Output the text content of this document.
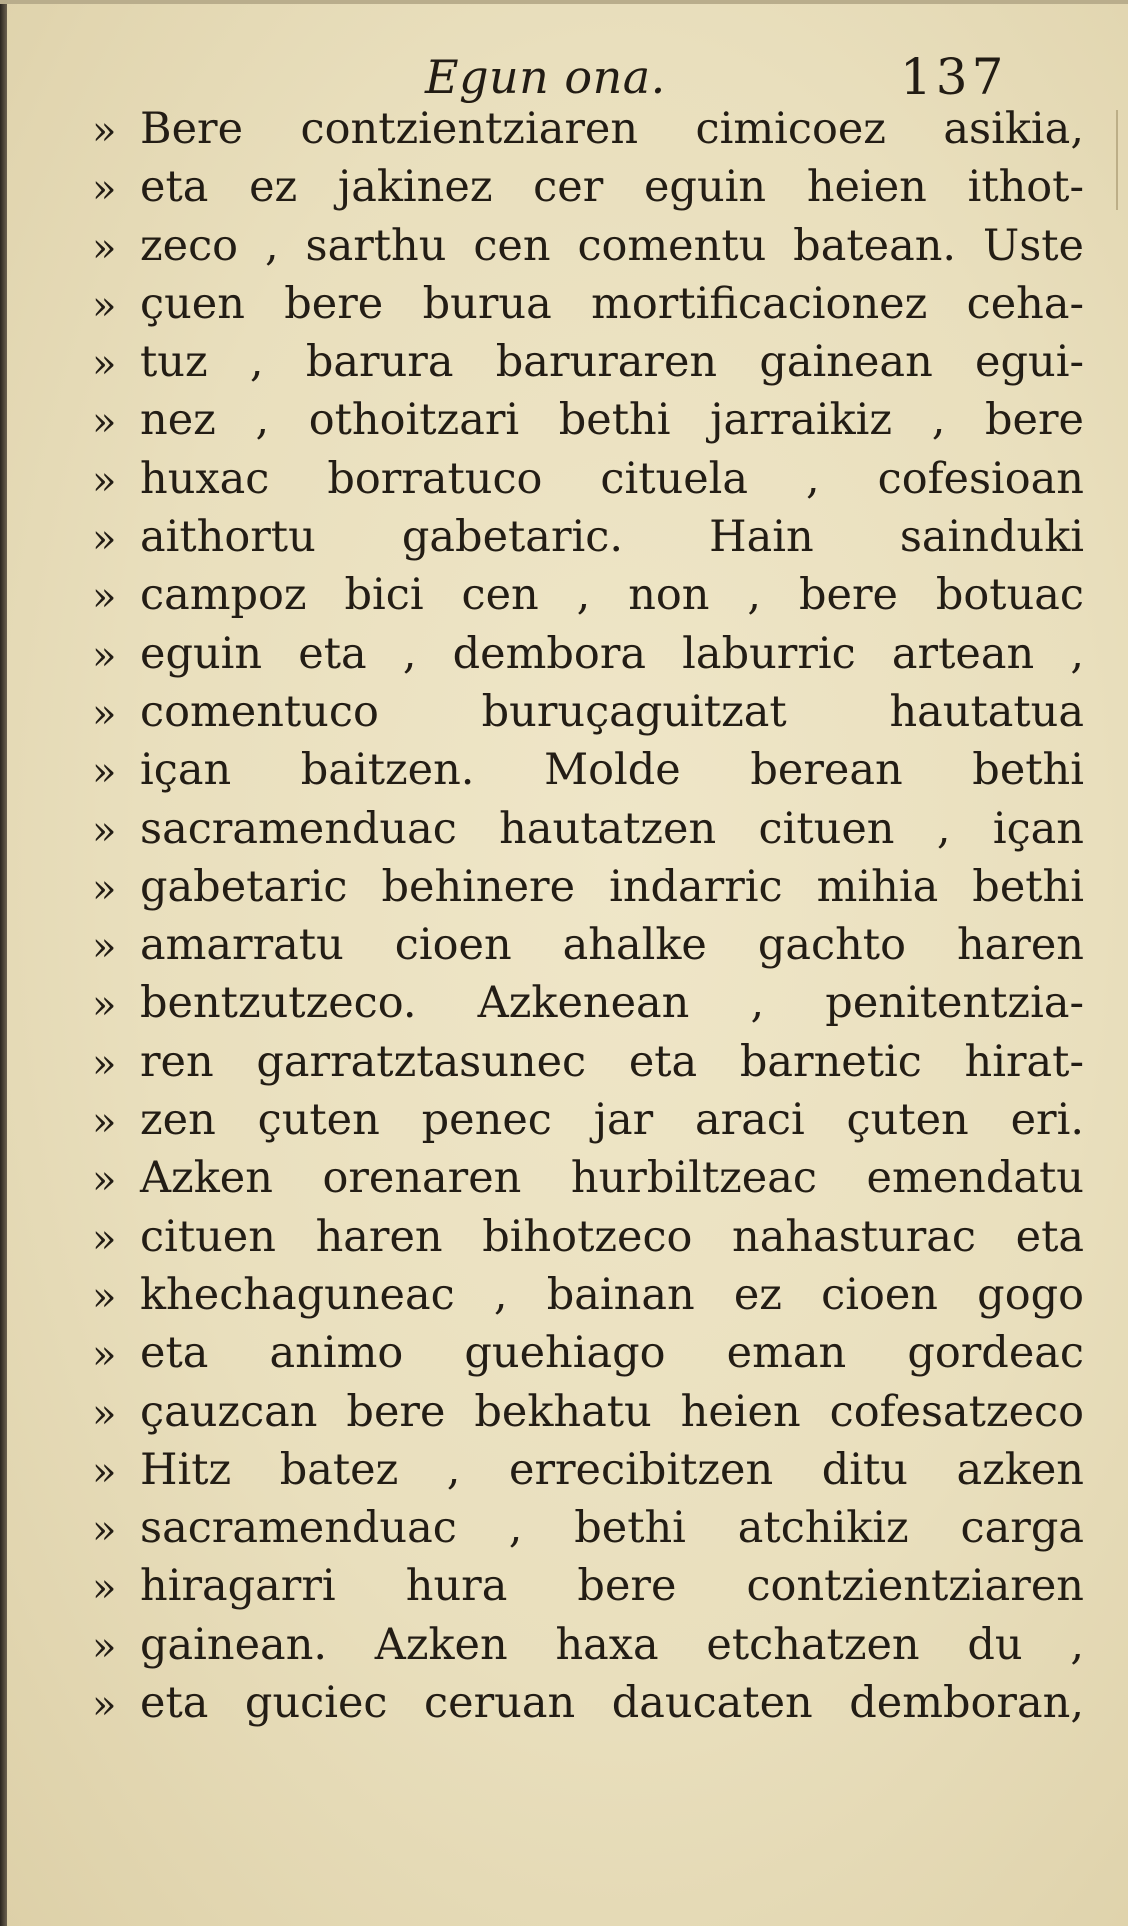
Egun ona.	137
» Bere contzientziaren cimicoez asikia,
» eta ez jakinez cer eguin heien ithot-
» zeco , sarthu cen comentu batean. Uste
» çuen bere burua mortificacionez ceha-
» tuz , barura baruraren gainean egui-
» nez , othoitzari bethi jarraikiz , bere
» huxac borratuco cituela , cofesioan
» aithortu gabetaric. Hain sainduki
» campoz bici cen , non , bere botuac
» eguin eta , dembora laburric artean ,
» comentuco buruçaguitzat hautatua
» içan baitzen. Molde berean bethi
» sacramenduac hautatzen cituen , içan
» gabetaric behinere indarric mihia bethi
» amarratu cioen ahalke gachto haren
» bentzutzeco. Azkenean , penitentzia-
» ren garratztasunec eta barnetic hirat-
» zen çuten penec jar araci çuten eri.
» Azken orenaren hurbiltzeac emendatu
» cituen haren bihotzeco nahasturac eta
» khechaguneac , bainan ez cioen gogo
» eta animo guehiago eman gordeac
» çauzcan bere bekhatu heien cofesatzeco
» Hitz batez , errecibitzen ditu azken
» sacramenduac , bethi atchikiz carga
» hiragarri hura bere contzientziaren
» gainean. Azken haxa etchatzen du ,
» eta guciec ceruan daucaten demboran,
